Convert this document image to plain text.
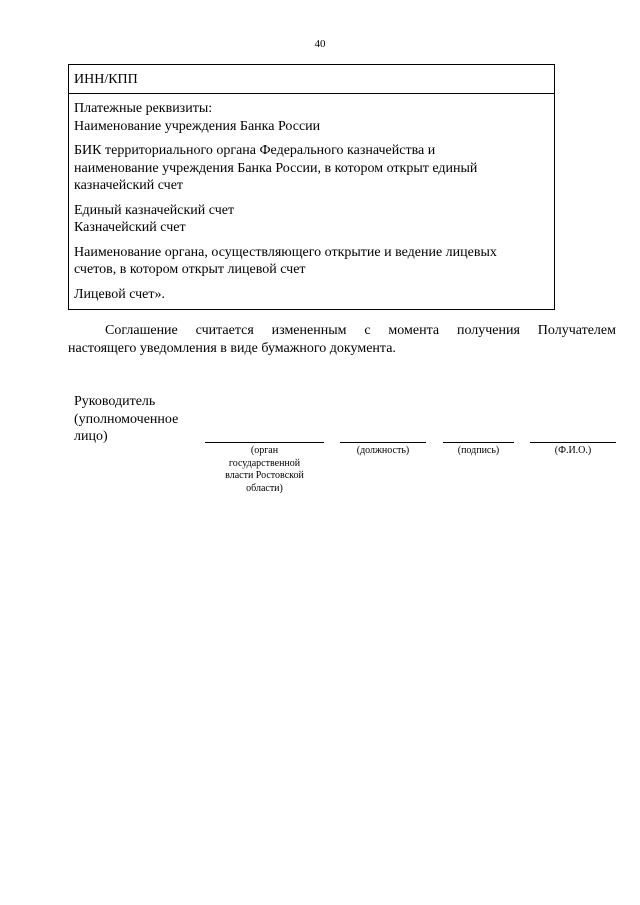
40
ИНН/КПП
Платежные реквизиты:
Наименование учреждения Банка России
БИК территориального органа Федерального казначейства и
наименование учреждения Банка России, в котором открыт единый
казначейский счет
Единый казначейский счет
Казначейский счет
Наименование органа, осуществляющего открытие и ведение лицевых
счетов, в котором открыт лицевой счет
Лицевой счет».
Соглашение считается измененным с момента получения Получателем
настоящего уведомления в виде бумажного документа.
Руководитель
(уполномоченное
лицо)
(орган
государственной
власти Ростовской
области)
(должность)	(подпись)	(Ф.И.О.)
